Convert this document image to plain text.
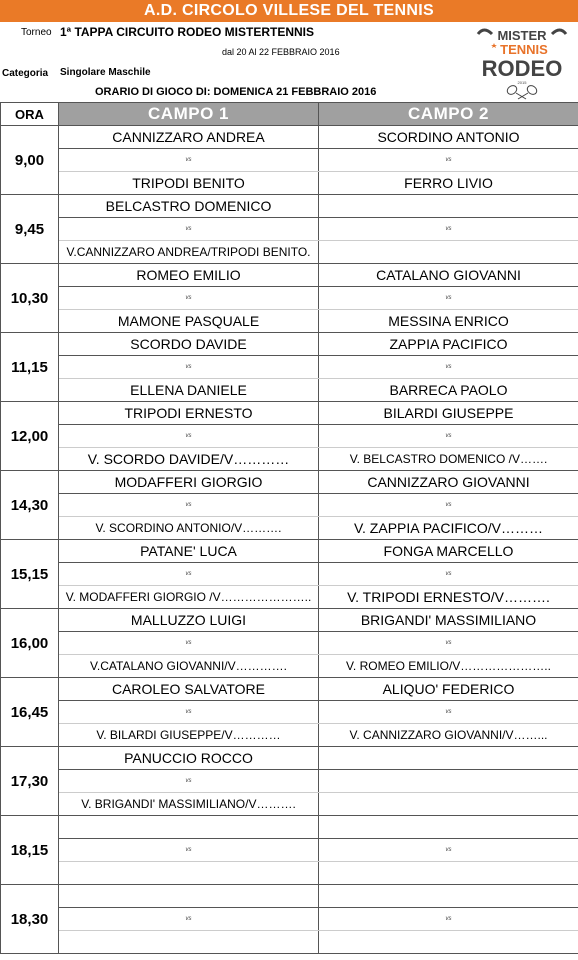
A.D. CIRCOLO VILLESE DEL TENNIS
Torneo 1ª TAPPA CIRCUITO RODEO MISTERTENNIS
dal 20 Al 22 FEBBRAIO 2016
Categoria Singolare Maschile
ORARIO DI GIOCO DI: DOMENICA 21 FEBBRAIO 2016
MISTER
TENNIS
RODEO
2015
ORA	CAMPO 1	CAMPO 2
9,00	CANNIZZARO ANDREA	SCORDINO ANTONIO
	vs	vs
	TRIPODI BENITO	FERRO LIVIO
9,45	BELCASTRO DOMENICO	
	vs	vs
	V.CANNIZZARO ANDREA/TRIPODI BENITO.	
10,30	ROMEO EMILIO	CATALANO GIOVANNI
	vs	vs
	MAMONE PASQUALE	MESSINA ENRICO
11,15	SCORDO DAVIDE	ZAPPIA PACIFICO
	vs	vs
	ELLENA DANIELE	BARRECA PAOLO
12,00	TRIPODI ERNESTO	BILARDI GIUSEPPE
	vs	vs
	V. SCORDO DAVIDE/V…………	V. BELCASTRO DOMENICO /V…….
14,30	MODAFFERI GIORGIO	CANNIZZARO GIOVANNI
	vs	vs
	V. SCORDINO ANTONIO/V……….	V. ZAPPIA PACIFICO/V………
15,15	PATANE' LUCA	FONGA MARCELLO
	vs	vs
	V. MODAFFERI GIORGIO /V…………………..	V. TRIPODI ERNESTO/V……….
16,00	MALLUZZO LUIGI	BRIGANDI' MASSIMILIANO
	vs	vs
	V.CATALANO GIOVANNI/V………….	V. ROMEO EMILIO/V…………………..
16,45	CAROLEO SALVATORE	ALIQUO' FEDERICO
	vs	vs
	V. BILARDI GIUSEPPE/V…………	V. CANNIZZARO GIOVANNI/V……...
17,30	PANUCCIO ROCCO	
	vs	
	V. BRIGANDI' MASSIMILIANO/V……….	
18,15		
	vs	vs

18,30		
	vs	vs
